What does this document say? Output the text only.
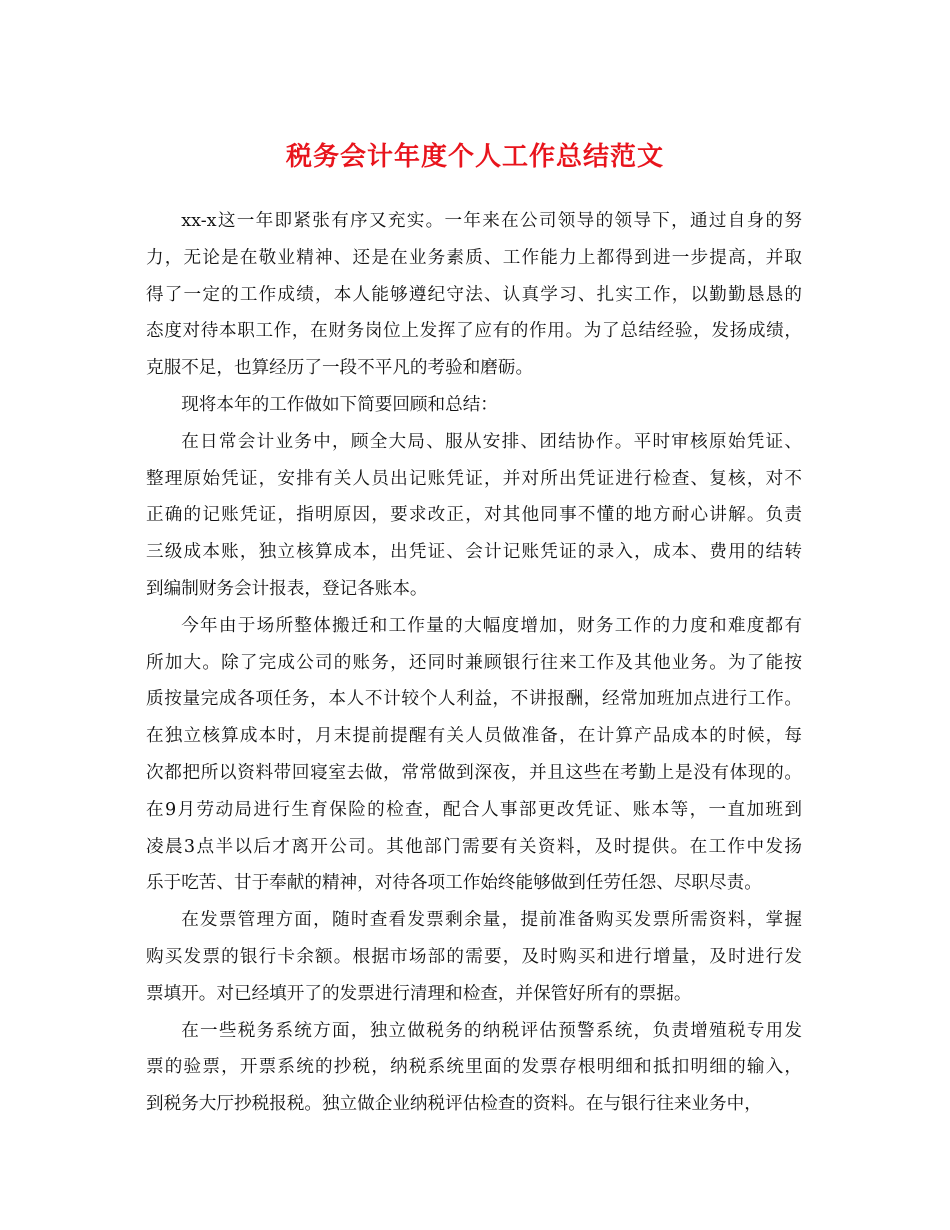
税务会计年度个人工作总结范文

xx-x这一年即紧张有序又充实。一年来在公司领导的领导下，通过自身的努
力，无论是在敬业精神、还是在业务素质、工作能力上都得到进一步提高，并取
得了一定的工作成绩，本人能够遵纪守法、认真学习、扎实工作，以勤勤恳恳的
态度对待本职工作，在财务岗位上发挥了应有的作用。为了总结经验，发扬成绩，
克服不足，也算经历了一段不平凡的考验和磨砺。

现将本年的工作做如下简要回顾和总结：

在日常会计业务中，顾全大局、服从安排、团结协作。平时审核原始凭证、
整理原始凭证，安排有关人员出记账凭证，并对所出凭证进行检查、复核，对不
正确的记账凭证，指明原因，要求改正，对其他同事不懂的地方耐心讲解。负责
三级成本账，独立核算成本，出凭证、会计记账凭证的录入，成本、费用的结转
到编制财务会计报表，登记各账本。

今年由于场所整体搬迁和工作量的大幅度增加，财务工作的力度和难度都有
所加大。除了完成公司的账务，还同时兼顾银行往来工作及其他业务。为了能按
质按量完成各项任务，本人不计较个人利益，不讲报酬，经常加班加点进行工作。
在独立核算成本时，月末提前提醒有关人员做准备，在计算产品成本的时候，每
次都把所以资料带回寝室去做，常常做到深夜，并且这些在考勤上是没有体现的。
在9月劳动局进行生育保险的检查，配合人事部更改凭证、账本等，一直加班到
凌晨3点半以后才离开公司。其他部门需要有关资料，及时提供。在工作中发扬
乐于吃苦、甘于奉献的精神，对待各项工作始终能够做到任劳任怨、尽职尽责。

在发票管理方面，随时查看发票剩余量，提前准备购买发票所需资料，掌握
购买发票的银行卡余额。根据市场部的需要，及时购买和进行增量，及时进行发
票填开。对已经填开了的发票进行清理和检查，并保管好所有的票据。

在一些税务系统方面，独立做税务的纳税评估预警系统，负责增殖税专用发
票的验票，开票系统的抄税，纳税系统里面的发票存根明细和抵扣明细的输入，
到税务大厅抄税报税。独立做企业纳税评估检查的资料。在与银行往来业务中，
